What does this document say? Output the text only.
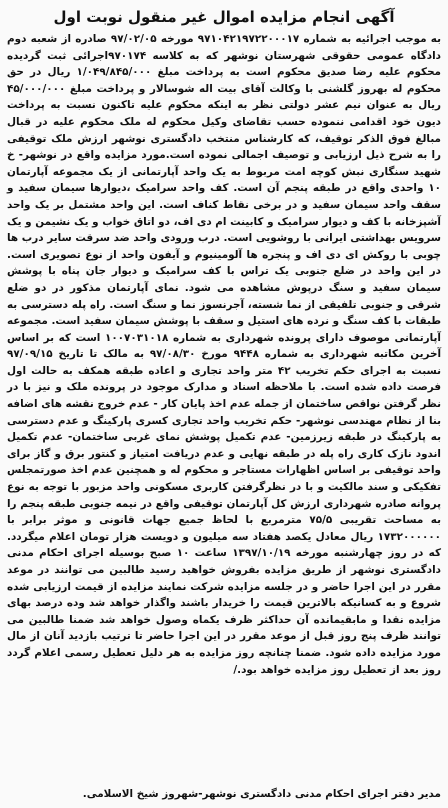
آگهی انجام مزایده اموال غیر منقول نوبت اول

به موجب اجرائیه به شماره ۹۷۱۰۴۲۱۹۷۲۲۰۰۰۱۷ مورخه ۹۷/۰۲/۰۵ صادره از شعبه دوم دادگاه عمومی حقوقی شهرستان نوشهر که به کلاسه ۹۷۰۱۷۴اجرائی ثبت گردیده محکوم علیه رضا صدیق محکوم است به پرداخت مبلغ ۱/۰۴۹/۸۴۵/۰۰۰ ریال در حق محکوم له بهروز گلشنی با وکالت آقای بیت اله شوسالار و پرداخت مبلغ ۴۵/۰۰۰/۰۰۰ ریال به عنوان نیم عشر دولتی نظر به اینکه محکوم علیه تاکنون نسبت به پرداخت دیون خود اقدامی ننموده حسب تقاضای وکیل محکوم له ملک محکوم علیه در قبال مبالغ فوق الذکر توقیف، که کارشناس منتخب دادگستری نوشهر ارزش ملک توقیفی را به شرح ذیل ارزیابی و توصیف اجمالی نموده است.مورد مزایده واقع در نوشهر- خ شهید سنگاری نبش کوچه امت مربوط به یک واحد آپارتمانی از یک مجموعه آپارتمان ۱۰ واحدی واقع در طبقه پنجم آن است. کف واحد سرامیک ،دیوارها سیمان سفید و سقف واحد سیمان سفید و در برخی نقاط کناف است. این واحد مشتمل بر یک واحد آشپزخانه با کف و دیوار سرامیک و کابینت ام دی اف، دو اتاق خواب و یک نشیمن و یک سرویس بهداشتی ایرانی با روشویی است. درب ورودی واحد ضد سرقت سایر درب ها چوبی با روکش ای دی اف و پنجره ها آلومینیوم و آیفون واحد از نوع تصویری است. در این واحد در ضلع جنوبی یک تراس با کف سرامیک و دیوار جان پناه با پوشش سیمان سفید و سنگ درپوش مشاهده می شود. نمای آپارتمان مذکور در دو ضلع شرقی و جنوبی تلفیقی از نما شسته، آجرنسوز نما و سنگ است. راه پله دسترسی به طبقات با کف سنگ و نرده های استیل و سقف با پوشش سیمان سفید است. مجموعه آپارتمانی موصوف دارای پرونده شهرداری به شماره ۱۰۰۷۰۳۱۰۱۸ است که بر اساس آخرین مکاتبه شهرداری به شماره ۹۴۴۸ مورخ ۹۷/۰۸/۳۰ به مالک تا تاریخ ۹۷/۰۹/۱۵ نسبت به اجرای حکم تخریب ۴۲ متر واحد تجاری و اعاده طبقه همکف به حالت اول فرصت داده شده است. با ملاحظه اسناد و مدارک موجود در پرونده ملک و نیز با در نظر گرفتن نواقص ساختمان از جمله عدم اخذ پایان کار - عدم خروج نقشه های اضافه بنا از نظام مهندسی نوشهر- حکم تخریب واحد تجاری کسری پارکینگ و عدم دسترسی به پارکینگ در طبقه زیرزمین- عدم تکمیل پوشش نمای غربی ساختمان- عدم تکمیل اندود نازک کاری راه پله در طبقه نهایی و عدم دریافت امتیاز و کنتور برق و گاز برای واحد توقیفی بر اساس اظهارات مستاجر و محکوم له و همچنین عدم اخذ صورتمجلس تفکیکی و سند مالکیت و با در نظرگرفتن کاربری مسکونی واحد مزبور با توجه به نوع پروانه صادره شهرداری ارزش کل آپارتمان توقیفی واقع در نیمه جنوبی طبقه پنجم را به مساحت تقریبی ۷۵/۵ مترمربع با لحاظ جمیع جهات قانونی و موثر برابر با ۱۷۳۲۰۰۰۰۰۰ ریال معادل یکصد هفتاد سه میلیون و دویست هزار تومان اعلام میگردد. که در روز چهارشنبه مورخه ۱۳۹۷/۱۰/۱۹ ساعت ۱۰ صبح بوسیله اجرای احکام مدنی دادگستری نوشهر از طریق مزایده بفروش خواهید رسید طالبین می توانند در موعد مقرر در این اجرا حاضر و در جلسه مزایده شرکت نمایند مزایده از قیمت ارزیابی شده شروع و به کسانیکه بالاترین قیمت را خریدار باشند واگذار خواهد شد وده درصد بهای مزایده نقدا و مابقیمانده آن حداکثر ظرف یکماه وصول خواهد شد ضمنا طالبین می توانند ظرف پنج روز قبل از موعد مقرر در این اجرا حاضر تا ترتیب بازدید آنان از مال مورد مزایده داده شود. ضمنا چنانچه روز مزایده به هر دلیل تعطیل رسمی اعلام گردد روز بعد از تعطیل روز مزایده خواهد بود./

مدیر دفتر اجرای احکام مدنی دادگستری نوشهر-شهروز شیخ الاسلامی.
